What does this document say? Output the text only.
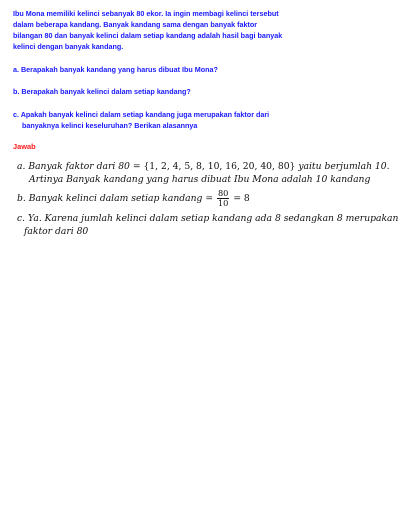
Ibu Mona memiliki kelinci sebanyak 80 ekor. Ia ingin membagi kelinci tersebut
dalam beberapa kandang. Banyak kandang sama dengan banyak faktor
bilangan 80 dan banyak kelinci dalam setiap kandang adalah hasil bagi banyak
kelinci dengan banyak kandang.
a. Berapakah banyak kandang yang harus dibuat Ibu Mona?
b. Berapakah banyak kelinci dalam setiap kandang?
c. Apakah banyak kelinci dalam setiap kandang juga merupakan faktor dari
banyaknya kelinci keseluruhan? Berikan alasannya
Jawab
a. Banyak faktor dari 80 = {1, 2, 4, 5, 8, 10, 16, 20, 40, 80} yaitu berjumlah 10.
Artinya Banyak kandang yang harus dibuat Ibu Mona adalah 10 kandang
b. Banyak kelinci dalam setiap kandang = $\frac{80}{10} = 8$
c. Ya. Karena jumlah kelinci dalam setiap kandang ada 8 sedangkan 8 merupakan
faktor dari 80
